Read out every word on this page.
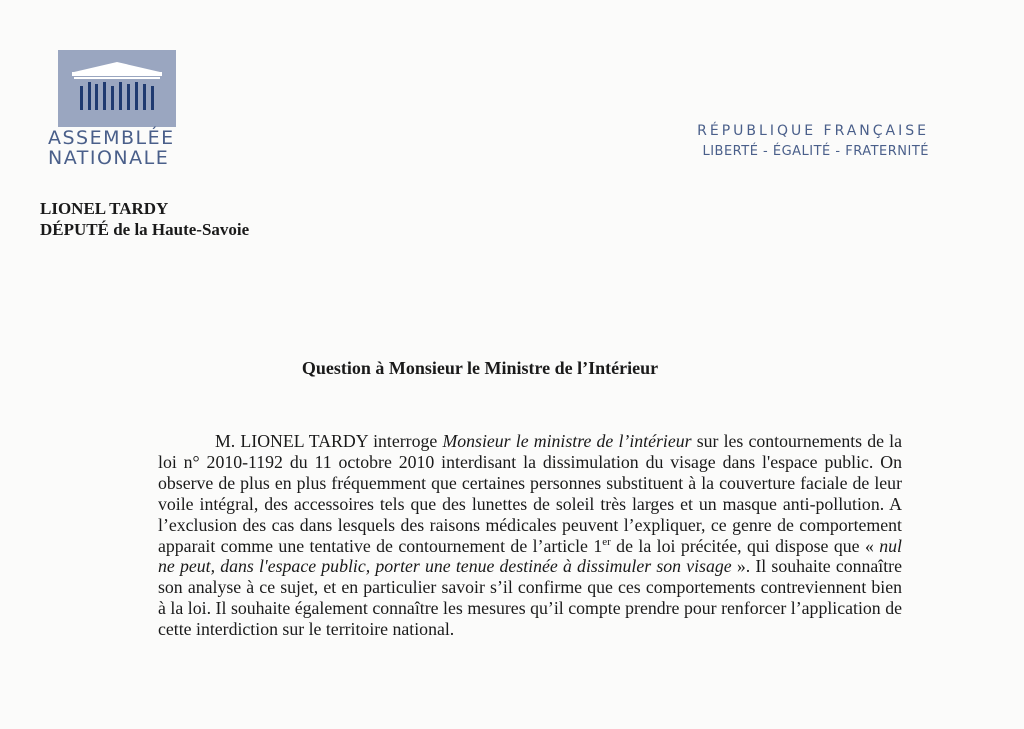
ASSEMBLÉE
NATIONALE
RÉPUBLIQUE FRANÇAISE
LIBERTÉ - ÉGALITÉ - FRATERNITÉ
LIONEL TARDY
DÉPUTÉ de la Haute-Savoie
Question à Monsieur le Ministre de l’Intérieur

M. LIONEL TARDY interroge Monsieur le ministre de l’intérieur sur les contournements de la loi n° 2010-1192 du 11 octobre 2010 interdisant la dissimulation du visage dans l'espace public. On observe de plus en plus fréquemment que certaines personnes substituent à la couverture faciale de leur voile intégral, des accessoires tels que des lunettes de soleil très larges et un masque anti-pollution. A l’exclusion des cas dans lesquels des raisons médicales peuvent l’expliquer, ce genre de comportement apparait comme une tentative de contournement de l’article 1er de la loi précitée, qui dispose que « nul ne peut, dans l'espace public, porter une tenue destinée à dissimuler son visage ». Il souhaite connaître son analyse à ce sujet, et en particulier savoir s’il confirme que ces comportements contreviennent bien à la loi. Il souhaite également connaître les mesures qu’il compte prendre pour renforcer l’application de cette interdiction sur le territoire national.
